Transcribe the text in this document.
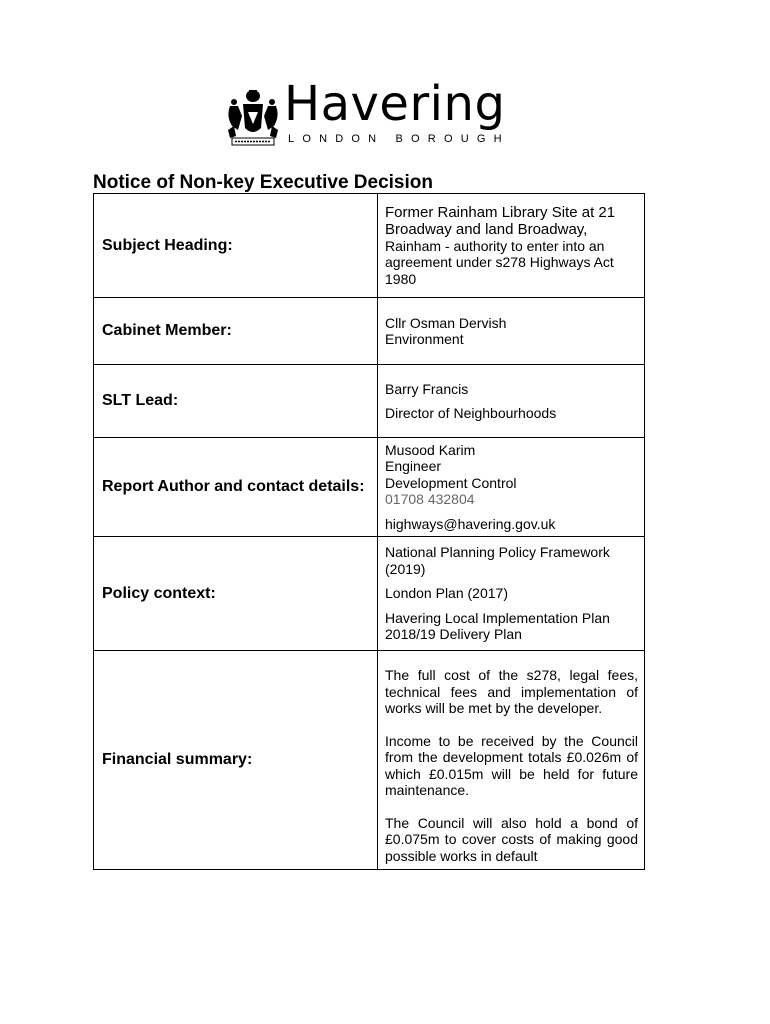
Havering
LONDON BOROUGH
Notice of Non-key Executive Decision
Subject Heading:	Former Rainham Library Site at 21
Broadway and land Broadway,
Rainham - authority to enter into an
agreement under s278 Highways Act
1980

Cabinet Member:	Cllr Osman Dervish
Environment

SLT Lead:	Barry Francis
Director of Neighbourhoods

Report Author and contact details:	Musood Karim
Engineer
Development Control
01708 432804
highways@havering.gov.uk

Policy context:	National Planning Policy Framework (2019)
London Plan (2017)
Havering Local Implementation Plan 2018/19 Delivery Plan

Financial summary:	The full cost of the s278, legal fees, technical fees and implementation of works will be met by the developer.
Income to be received by the Council from the development totals £0.026m of which £0.015m will be held for future maintenance.
The Council will also hold a bond of £0.075m to cover costs of making good possible works in default
